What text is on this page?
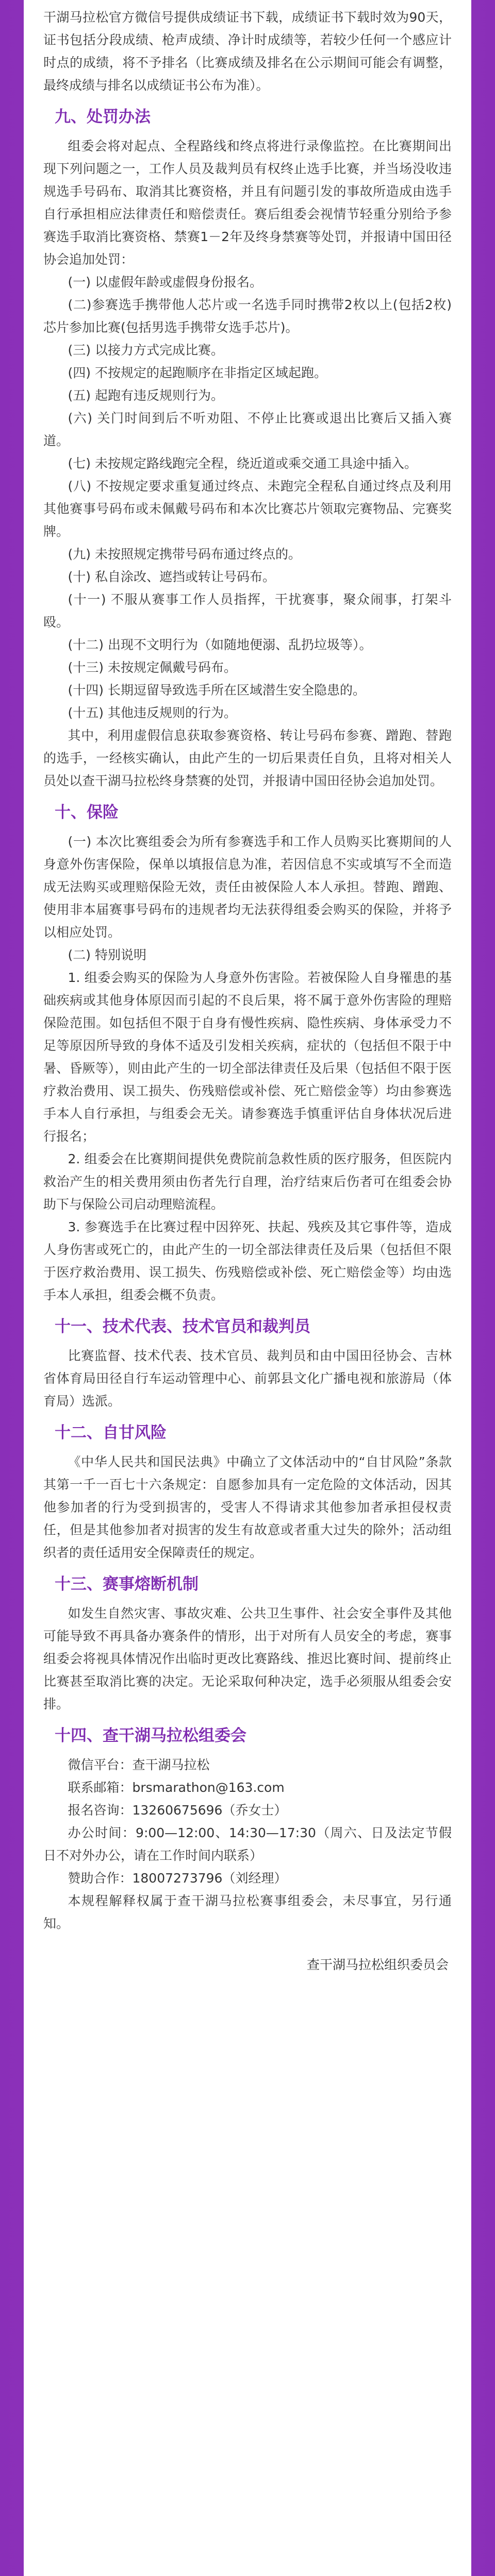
干湖马拉松官方微信号提供成绩证书下载，成绩证书下载时效为90天，证书包括分段成绩、枪声成绩、净计时成绩等，若较少任何一个感应计时点的成绩，将不予排名（比赛成绩及排名在公示期间可能会有调整，最终成绩与排名以成绩证书公布为准）。

九、处罚办法

组委会将对起点、全程路线和终点将进行录像监控。在比赛期间出现下列问题之一，工作人员及裁判员有权终止选手比赛，并当场没收违规选手号码布、取消其比赛资格，并且有问题引发的事故所造成由选手自行承担相应法律责任和赔偿责任。赛后组委会视情节轻重分别给予参赛选手取消比赛资格、禁赛1－2年及终身禁赛等处罚，并报请中国田径协会追加处罚：

(一) 以虚假年龄或虚假身份报名。

(二)参赛选手携带他人芯片或一名选手同时携带2枚以上(包括2枚)芯片参加比赛(包括男选手携带女选手芯片)。

(三) 以接力方式完成比赛。

(四) 不按规定的起跑顺序在非指定区域起跑。

(五) 起跑有违反规则行为。

(六) 关门时间到后不听劝阻、不停止比赛或退出比赛后又插入赛道。

(七) 未按规定路线跑完全程，绕近道或乘交通工具途中插入。

(八) 不按规定要求重复通过终点、未跑完全程私自通过终点及利用其他赛事号码布或未佩戴号码布和本次比赛芯片领取完赛物品、完赛奖牌。

(九) 未按照规定携带号码布通过终点的。

(十) 私自涂改、遮挡或转让号码布。

(十一) 不服从赛事工作人员指挥，干扰赛事，聚众闹事，打架斗殴。

(十二) 出现不文明行为（如随地便溺、乱扔垃圾等）。

(十三) 未按规定佩戴号码布。

(十四) 长期逗留导致选手所在区域潜生安全隐患的。

(十五) 其他违反规则的行为。

其中，利用虚假信息获取参赛资格、转让号码布参赛、蹭跑、替跑的选手，一经核实确认，由此产生的一切后果责任自负，且将对相关人员处以查干湖马拉松终身禁赛的处罚，并报请中国田径协会追加处罚。

十、保险

(一) 本次比赛组委会为所有参赛选手和工作人员购买比赛期间的人身意外伤害保险，保单以填报信息为准，若因信息不实或填写不全而造成无法购买或理赔保险无效，责任由被保险人本人承担。替跑、蹭跑、使用非本届赛事号码布的违规者均无法获得组委会购买的保险，并将予以相应处罚。

(二) 特别说明

1. 组委会购买的保险为人身意外伤害险。若被保险人自身罹患的基础疾病或其他身体原因而引起的不良后果，将不属于意外伤害险的理赔保险范围。如包括但不限于自身有慢性疾病、隐性疾病、身体承受力不足等原因所导致的身体不适及引发相关疾病，症状的（包括但不限于中暑、昏厥等），则由此产生的一切全部法律责任及后果（包括但不限于医疗救治费用、误工损失、伤残赔偿或补偿、死亡赔偿金等）均由参赛选手本人自行承担，与组委会无关。请参赛选手慎重评估自身体状况后进行报名；

2. 组委会在比赛期间提供免费院前急救性质的医疗服务，但医院内救治产生的相关费用须由伤者先行自理，治疗结束后伤者可在组委会协助下与保险公司启动理赔流程。

3. 参赛选手在比赛过程中因猝死、扶起、残疾及其它事件等，造成人身伤害或死亡的，由此产生的一切全部法律责任及后果（包括但不限于医疗救治费用、误工损失、伤残赔偿或补偿、死亡赔偿金等）均由选手本人承担，组委会概不负责。

十一、技术代表、技术官员和裁判员

比赛监督、技术代表、技术官员、裁判员和由中国田径协会、吉林省体育局田径自行车运动管理中心、前郭县文化广播电视和旅游局（体育局）选派。

十二、自甘风险

《中华人民共和国民法典》中确立了文体活动中的“自甘风险”条款其第一千一百七十六条规定：自愿参加具有一定危险的文体活动，因其他参加者的行为受到损害的，受害人不得请求其他参加者承担侵权责任，但是其他参加者对损害的发生有故意或者重大过失的除外；活动组织者的责任适用安全保障责任的规定。

十三、赛事熔断机制

如发生自然灾害、事故灾难、公共卫生事件、社会安全事件及其他可能导致不再具备办赛条件的情形，出于对所有人员安全的考虑，赛事组委会将视具体情况作出临时更改比赛路线、推迟比赛时间、提前终止比赛甚至取消比赛的决定。无论采取何种决定，选手必须服从组委会安排。

十四、查干湖马拉松组委会

微信平台：查干湖马拉松

联系邮箱：brsmarathon@163.com

报名咨询：13260675696（乔女士）

办公时间：9:00—12:00、14:30—17:30（周六、日及法定节假日不对外办公，请在工作时间内联系）

赞助合作：18007273796（刘经理）

本规程解释权属于查干湖马拉松赛事组委会，未尽事宜，另行通知。

查干湖马拉松组织委员会
